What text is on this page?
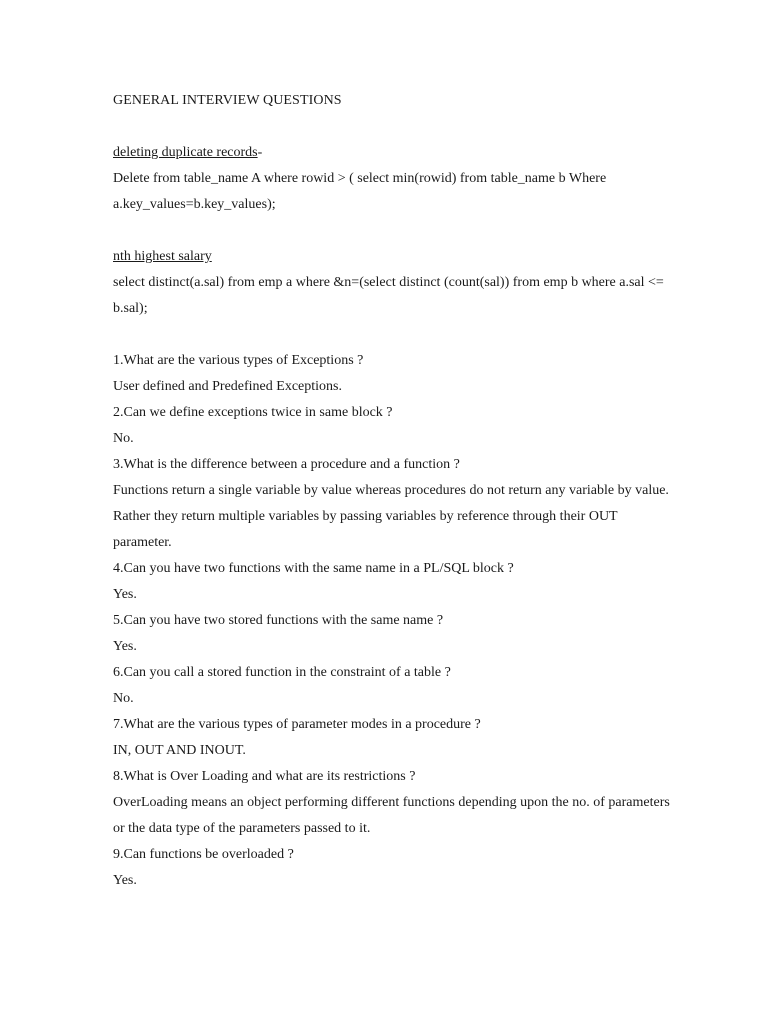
GENERAL INTERVIEW QUESTIONS
deleting duplicate records-

Delete from table_name A where rowid > ( select min(rowid) from table_name b Where a.key_values=b.key_values);

nth highest salary

select distinct(a.sal) from emp a where &n=(select distinct (count(sal)) from emp b where a.sal <= b.sal);

1.What are the various types of Exceptions ?

User defined and Predefined Exceptions.

2.Can we define exceptions twice in same block ?

No.

3.What is the difference between a procedure and a function ?

Functions return a single variable by value whereas procedures do not return any variable by value. Rather they return multiple variables by passing variables by reference through their OUT parameter.

4.Can you have two functions with the same name in a PL/SQL block ?

Yes.

5.Can you have two stored functions with the same name ?

Yes.

6.Can you call a stored function in the constraint of a table ?

No.

7.What are the various types of parameter modes in a procedure ?

IN, OUT AND INOUT.

8.What is Over Loading and what are its restrictions ?

OverLoading means an object performing different functions depending upon the no. of parameters or the data type of the parameters passed to it.

9.Can functions be overloaded ?

Yes.
